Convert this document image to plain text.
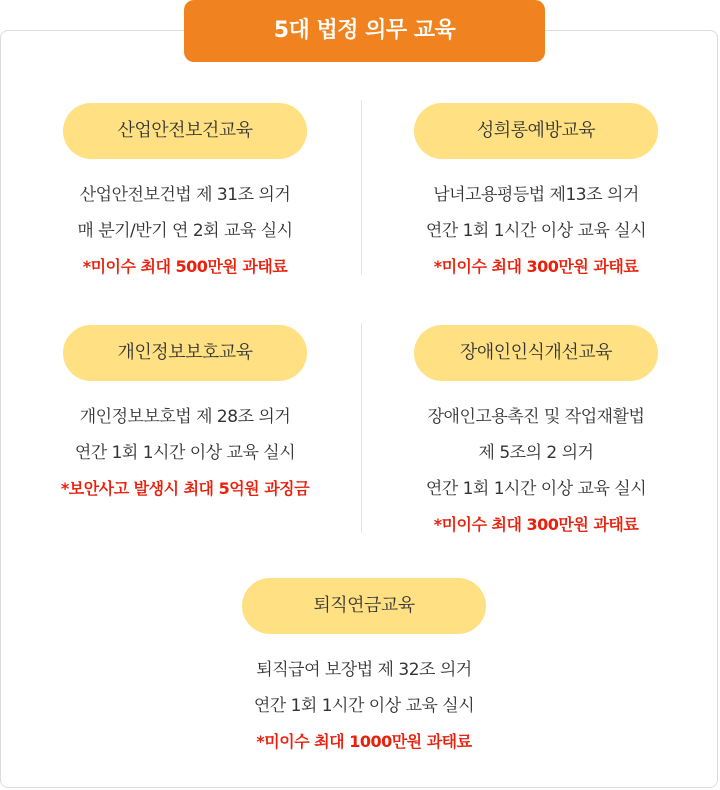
5대 법정 의무 교육
산업안전보건교육
산업안전보건법 제 31조 의거
매 분기/반기 연 2회 교육 실시
*미이수 최대 500만원 과태료
성희롱예방교육
남녀고용평등법 제13조 의거
연간 1회 1시간 이상 교육 실시
*미이수 최대 300만원 과태료
개인정보보호교육
개인정보보호법 제 28조 의거
연간 1회 1시간 이상 교육 실시
*보안사고 발생시 최대 5억원 과징금
장애인인식개선교육
장애인고용촉진 및 작업재활법
제 5조의 2 의거
연간 1회 1시간 이상 교육 실시
*미이수 최대 300만원 과태료
퇴직연금교육
퇴직급여 보장법 제 32조 의거
연간 1회 1시간 이상 교육 실시
*미이수 최대 1000만원 과태료
